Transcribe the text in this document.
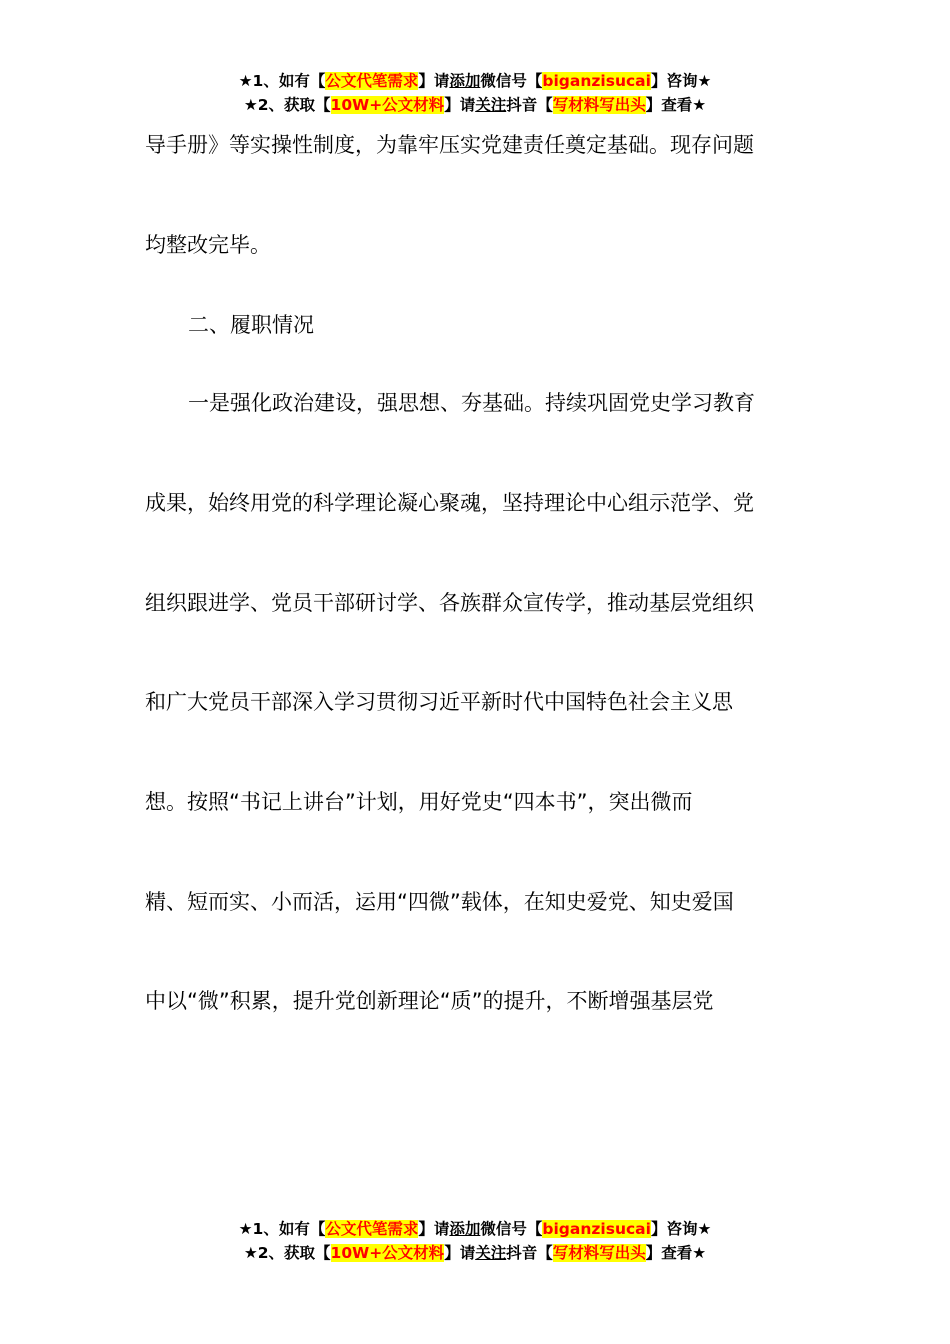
★1、如有【公文代笔需求】请添加微信号【biganzisucai】咨询★
★2、获取【10W+公文材料】请关注抖音【写材料写出头】查看★
导手册》等实操性制度，为靠牢压实党建责任奠定基础。现存问题
均整改完毕。
二、履职情况
一是强化政治建设，强思想、夯基础。持续巩固党史学习教育
成果，始终用党的科学理论凝心聚魂，坚持理论中心组示范学、党
组织跟进学、党员干部研讨学、各族群众宣传学，推动基层党组织
和广大党员干部深入学习贯彻习近平新时代中国特色社会主义思
想。按照“书记上讲台”计划，用好党史“四本书”，突出微而
精、短而实、小而活，运用“四微”载体，在知史爱党、知史爱国
中以“微”积累，提升党创新理论“质”的提升，不断增强基层党
★1、如有【公文代笔需求】请添加微信号【biganzisucai】咨询★
★2、获取【10W+公文材料】请关注抖音【写材料写出头】查看★
